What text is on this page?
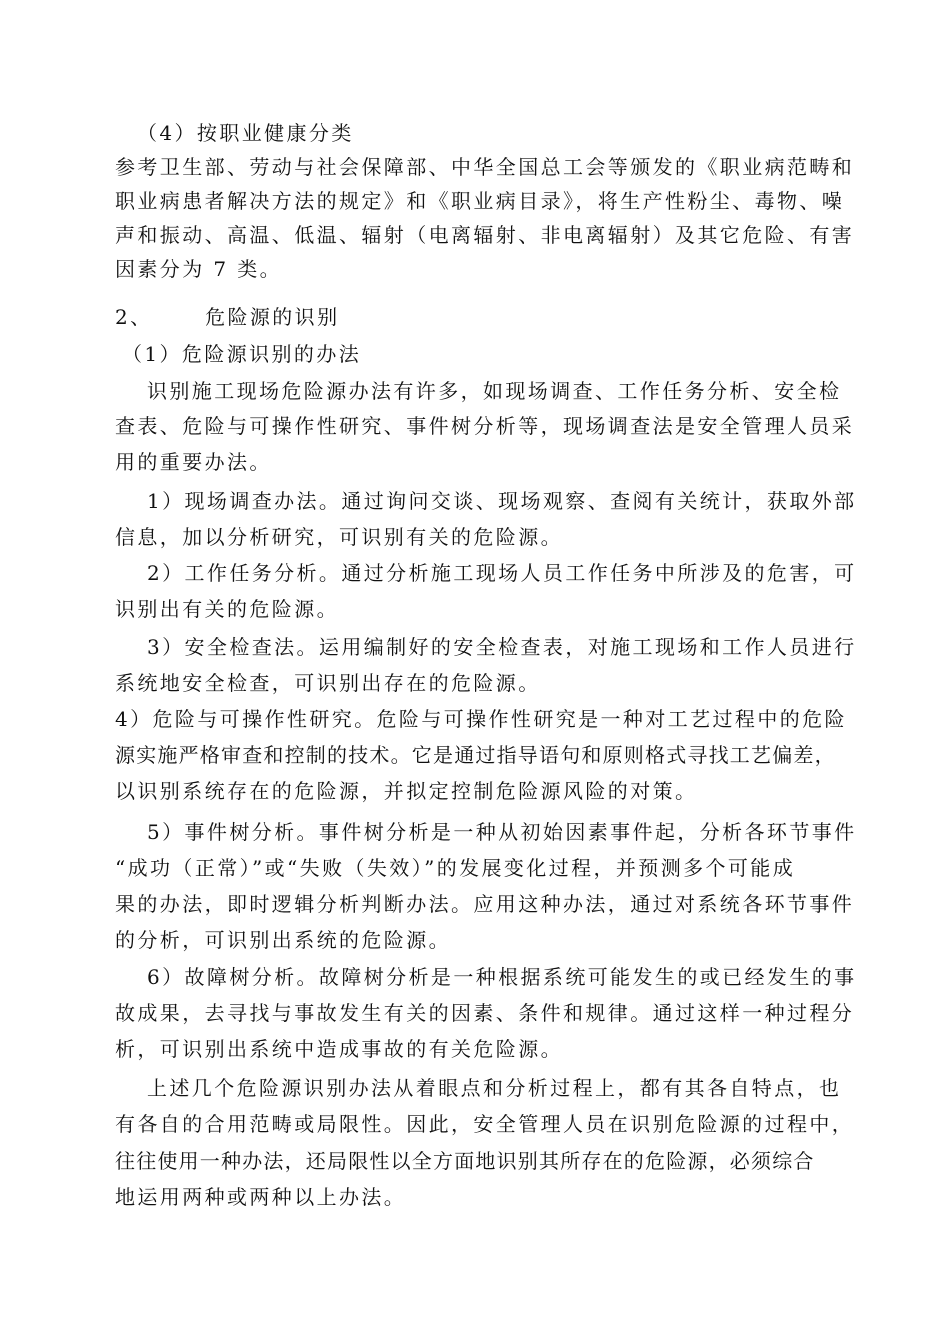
（4）按职业健康分类
参考卫生部、劳动与社会保障部、中华全国总工会等颁发的《职业病范畴和
职业病患者解决方法的规定》和《职业病目录》，将生产性粉尘、毒物、噪
声和振动、高温、低温、辐射（电离辐射、非电离辐射）及其它危险、有害
因素分为 7 类。
2、      危险源的识别
（1）危险源识别的办法
识别施工现场危险源办法有许多，如现场调查、工作任务分析、安全检
查表、危险与可操作性研究、事件树分析等，现场调查法是安全管理人员采
用的重要办法。
1）现场调查办法。通过询问交谈、现场观察、查阅有关统计，获取外部
信息，加以分析研究，可识别有关的危险源。
2）工作任务分析。通过分析施工现场人员工作任务中所涉及的危害，可
识别出有关的危险源。
3）安全检查法。运用编制好的安全检查表，对施工现场和工作人员进行
系统地安全检查，可识别出存在的危险源。
4）危险与可操作性研究。危险与可操作性研究是一种对工艺过程中的危险
源实施严格审查和控制的技术。它是通过指导语句和原则格式寻找工艺偏差，
以识别系统存在的危险源，并拟定控制危险源风险的对策。
5）事件树分析。事件树分析是一种从初始因素事件起，分析各环节事件
“成功（正常）”或“失败（失效）”的发展变化过程，并预测多个可能成
果的办法，即时逻辑分析判断办法。应用这种办法，通过对系统各环节事件
的分析，可识别出系统的危险源。
6）故障树分析。故障树分析是一种根据系统可能发生的或已经发生的事
故成果，去寻找与事故发生有关的因素、条件和规律。通过这样一种过程分
析，可识别出系统中造成事故的有关危险源。
上述几个危险源识别办法从着眼点和分析过程上，都有其各自特点，也
有各自的合用范畴或局限性。因此，安全管理人员在识别危险源的过程中，
往往使用一种办法，还局限性以全方面地识别其所存在的危险源，必须综合
地运用两种或两种以上办法。
